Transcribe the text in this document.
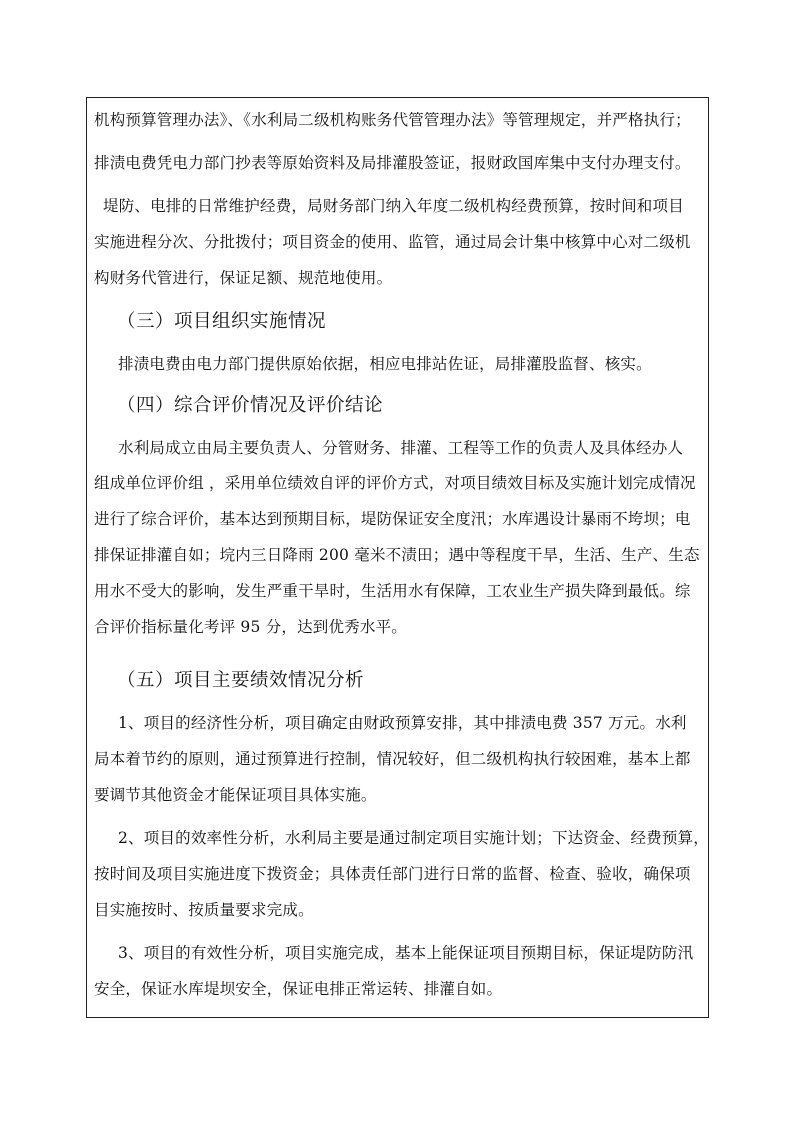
机构预算管理办法》、《水利局二级机构账务代管管理办法》等管理规定，并严格执行；
排渍电费凭电力部门抄表等原始资料及局排灌股签证，报财政国库集中支付办理支付。
堤防、电排的日常维护经费，局财务部门纳入年度二级机构经费预算，按时间和项目
实施进程分次、分批拨付；项目资金的使用、监管，通过局会计集中核算中心对二级机
构财务代管进行，保证足额、规范地使用。
（三）项目组织实施情况
排渍电费由电力部门提供原始依据，相应电排站佐证，局排灌股监督、核实。
（四）综合评价情况及评价结论
水利局成立由局主要负责人、分管财务、排灌、工程等工作的负责人及具体经办人
组成单位评价组 ，采用单位绩效自评的评价方式，对项目绩效目标及实施计划完成情况
进行了综合评价，基本达到预期目标，堤防保证安全度汛；水库遇设计暴雨不垮坝；电
排保证排灌自如；垸内三日降雨 200 毫米不渍田；遇中等程度干旱，生活、生产、生态
用水不受大的影响，发生严重干旱时，生活用水有保障，工农业生产损失降到最低。综
合评价指标量化考评 95 分，达到优秀水平。
（五）项目主要绩效情况分析
1、项目的经济性分析，项目确定由财政预算安排，其中排渍电费 357 万元。水利
局本着节约的原则，通过预算进行控制，情况较好，但二级机构执行较困难，基本上都
要调节其他资金才能保证项目具体实施。
2、项目的效率性分析，水利局主要是通过制定项目实施计划；下达资金、经费预算，
按时间及项目实施进度下拨资金；具体责任部门进行日常的监督、检查、验收，确保项
目实施按时、按质量要求完成。
3、项目的有效性分析，项目实施完成，基本上能保证项目预期目标，保证堤防防汛
安全，保证水库堤坝安全，保证电排正常运转、排灌自如。
